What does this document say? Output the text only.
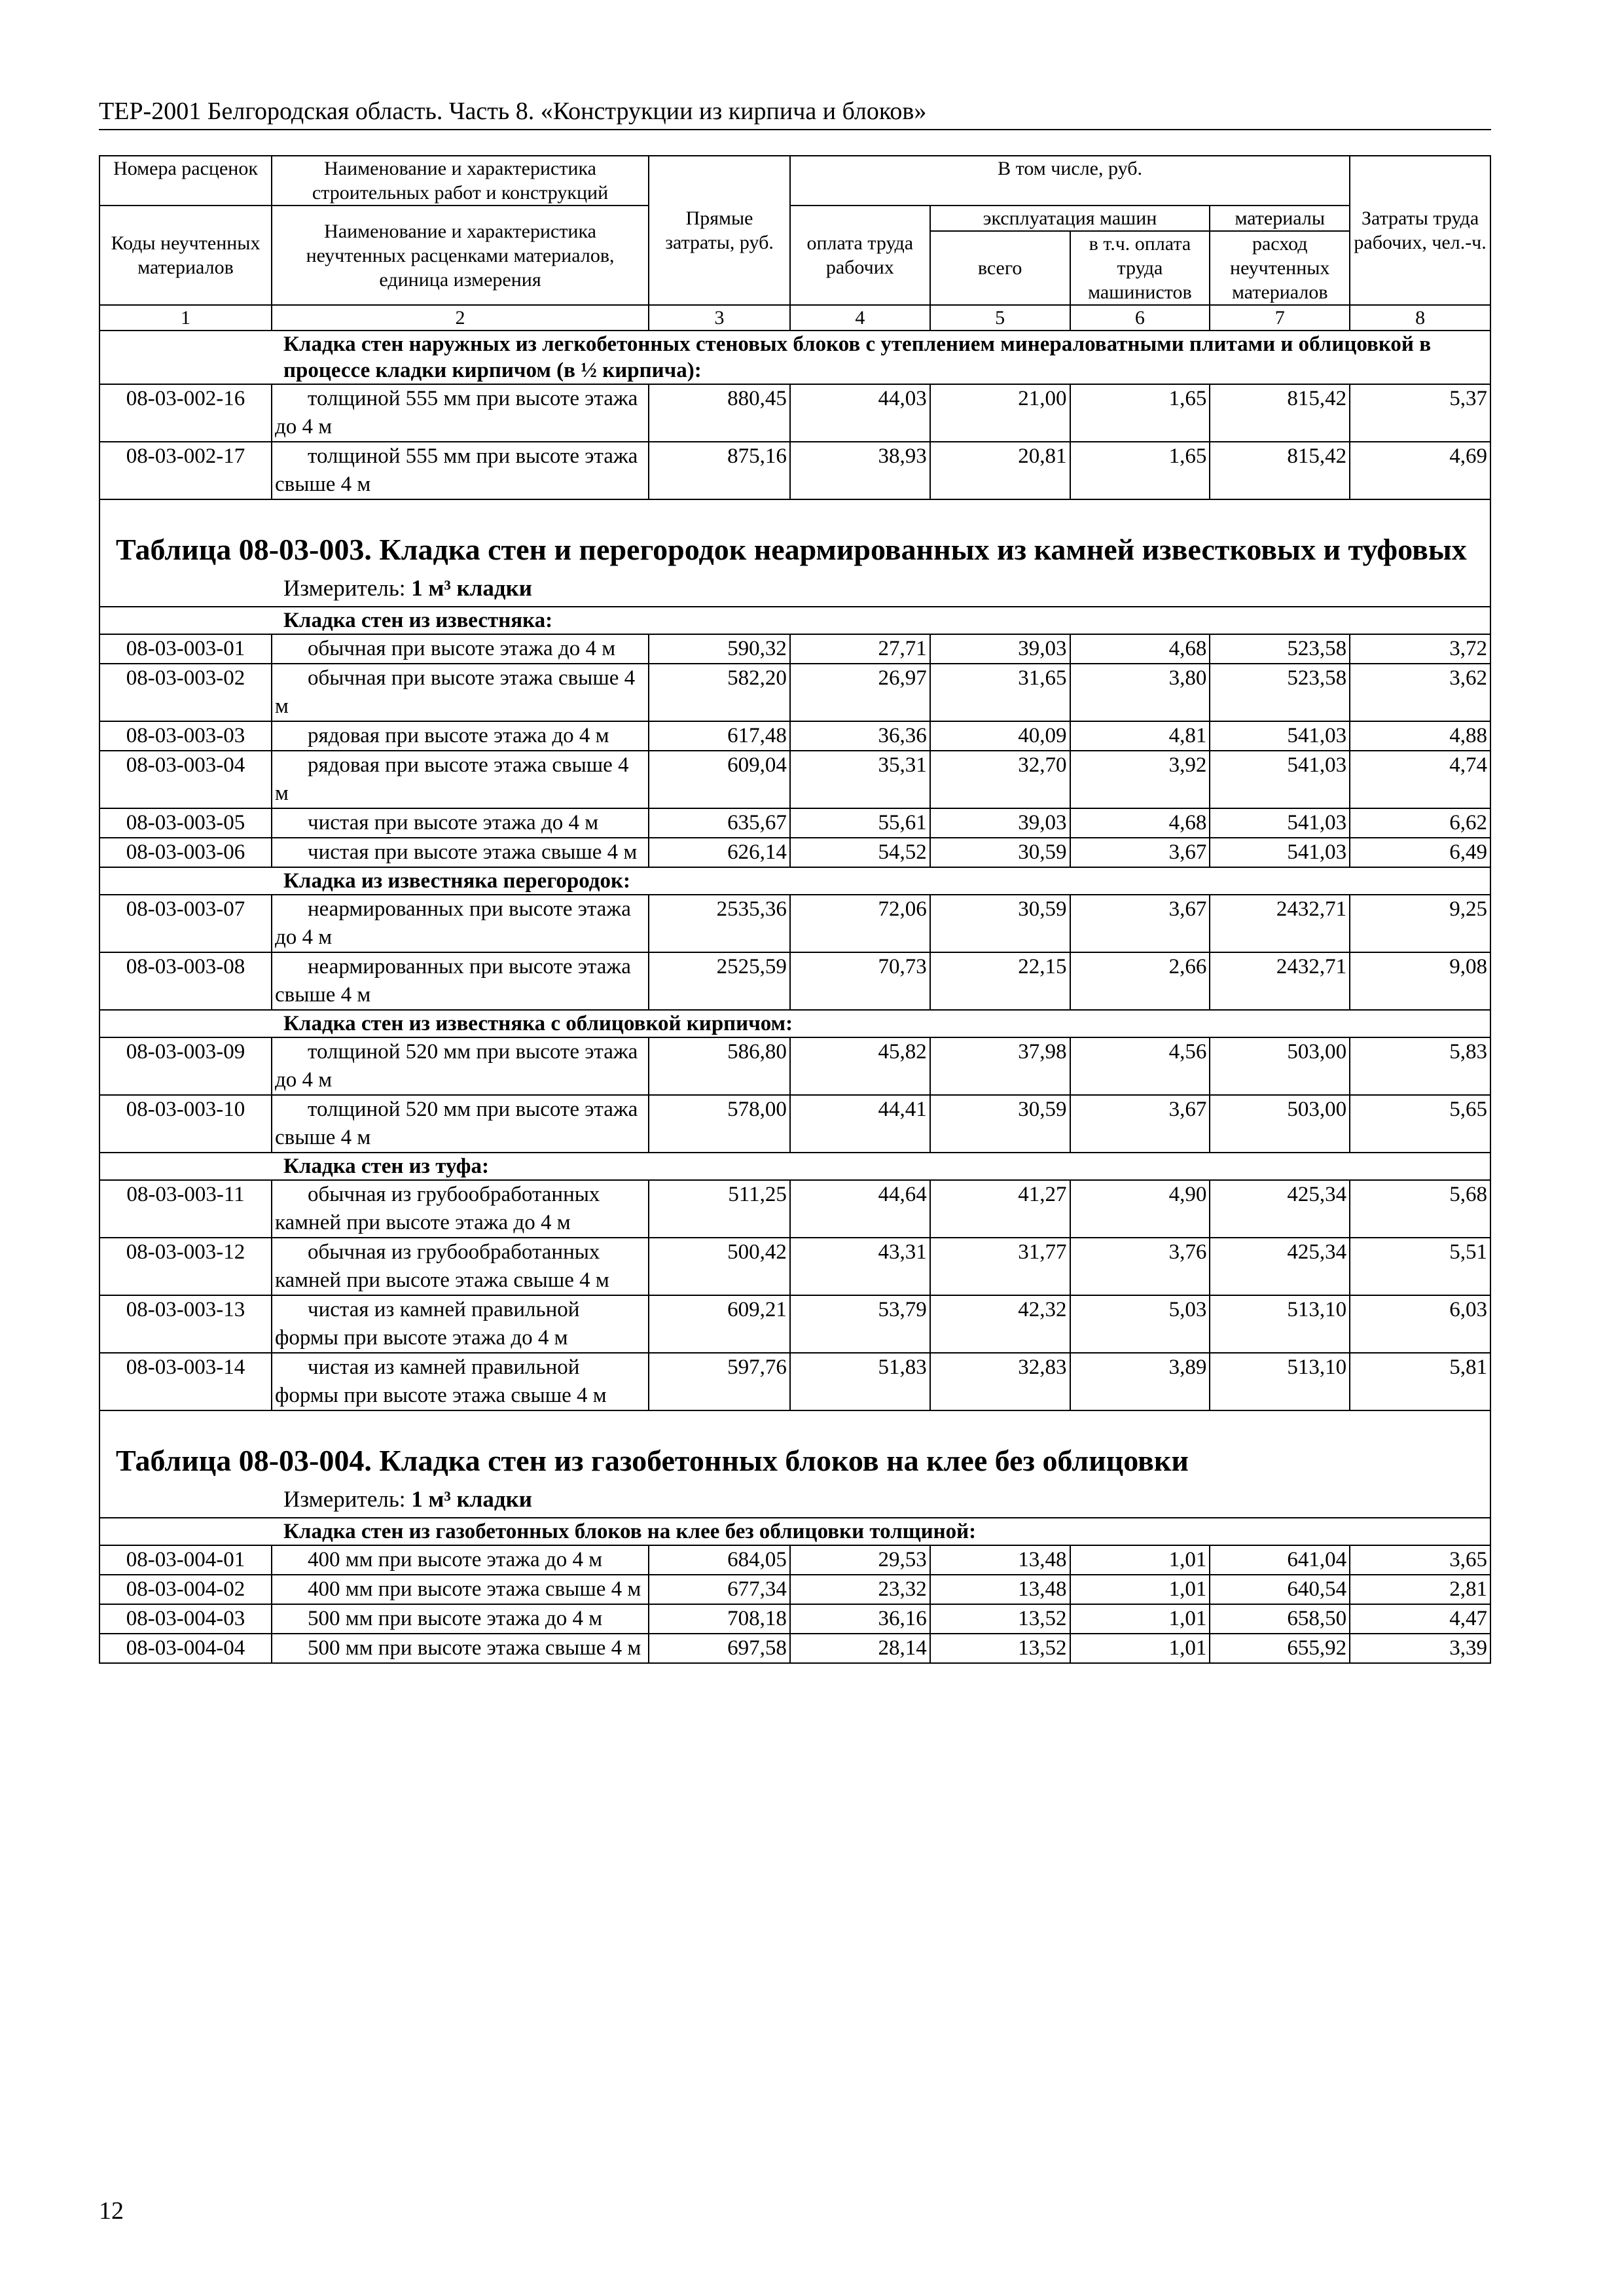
ТЕР-2001 Белгородская область. Часть 8. «Конструкции из кирпича и блоков»
Номера расценок	Наименование и характеристика строительных работ и конструкций	Прямые затраты, руб.	В том числе, руб.				Затраты труда рабочих, чел.-ч.
Коды неучтенных материалов	Наименование и характеристика неучтенных расценками материалов, единица измерения		оплата труда рабочих	эксплуатация машин		материалы	
				всего	в т.ч. оплата труда машинистов	расход неучтенных материалов	
1	2	3	4	5	6	7	8
Кладка стен наружных из легкобетонных стеновых блоков с утеплением минераловатными плитами и облицовкой в процессе кладки кирпичом (в ½ кирпича):							
08-03-002-16	толщиной 555 мм при высоте этажа до 4 м	880,45	44,03	21,00	1,65	815,42	5,37
08-03-002-17	толщиной 555 мм при высоте этажа свыше 4 м	875,16	38,93	20,81	1,65	815,42	4,69

Таблица 08-03-003. Кладка стен и перегородок неармированных из камней известковых и туфовых
Измеритель: 1 м³ кладки							

Кладка стен из известняка:							
08-03-003-01	обычная при высоте этажа до 4 м	590,32	27,71	39,03	4,68	523,58	3,72
08-03-003-02	обычная при высоте этажа свыше 4 м	582,20	26,97	31,65	3,80	523,58	3,62
08-03-003-03	рядовая при высоте этажа до 4 м	617,48	36,36	40,09	4,81	541,03	4,88
08-03-003-04	рядовая при высоте этажа свыше 4 м	609,04	35,31	32,70	3,92	541,03	4,74
08-03-003-05	чистая при высоте этажа до 4 м	635,67	55,61	39,03	4,68	541,03	6,62
08-03-003-06	чистая при высоте этажа свыше 4 м	626,14	54,52	30,59	3,67	541,03	6,49
Кладка из известняка перегородок:							
08-03-003-07	неармированных при высоте этажа до 4 м	2535,36	72,06	30,59	3,67	2432,71	9,25
08-03-003-08	неармированных при высоте этажа свыше 4 м	2525,59	70,73	22,15	2,66	2432,71	9,08
Кладка стен из известняка с облицовкой кирпичом:							
08-03-003-09	толщиной 520 мм при высоте этажа до 4 м	586,80	45,82	37,98	4,56	503,00	5,83
08-03-003-10	толщиной 520 мм при высоте этажа свыше 4 м	578,00	44,41	30,59	3,67	503,00	5,65
Кладка стен из туфа:							
08-03-003-11	обычная из грубообработанных камней при высоте этажа до 4 м	511,25	44,64	41,27	4,90	425,34	5,68
08-03-003-12	обычная из грубообработанных камней при высоте этажа свыше 4 м	500,42	43,31	31,77	3,76	425,34	5,51
08-03-003-13	чистая из камней правильной формы при высоте этажа до 4 м	609,21	53,79	42,32	5,03	513,10	6,03
08-03-003-14	чистая из камней правильной формы при высоте этажа свыше 4 м	597,76	51,83	32,83	3,89	513,10	5,81

Таблица 08-03-004. Кладка стен из газобетонных блоков на клее без облицовки
Измеритель: 1 м³ кладки							

Кладка стен из газобетонных блоков на клее без облицовки толщиной:							
08-03-004-01	400 мм при высоте этажа до 4 м	684,05	29,53	13,48	1,01	641,04	3,65
08-03-004-02	400 мм при высоте этажа свыше 4 м	677,34	23,32	13,48	1,01	640,54	2,81
08-03-004-03	500 мм при высоте этажа до 4 м	708,18	36,16	13,52	1,01	658,50	4,47
08-03-004-04	500 мм при высоте этажа свыше 4 м	697,58	28,14	13,52	1,01	655,92	3,39
12
